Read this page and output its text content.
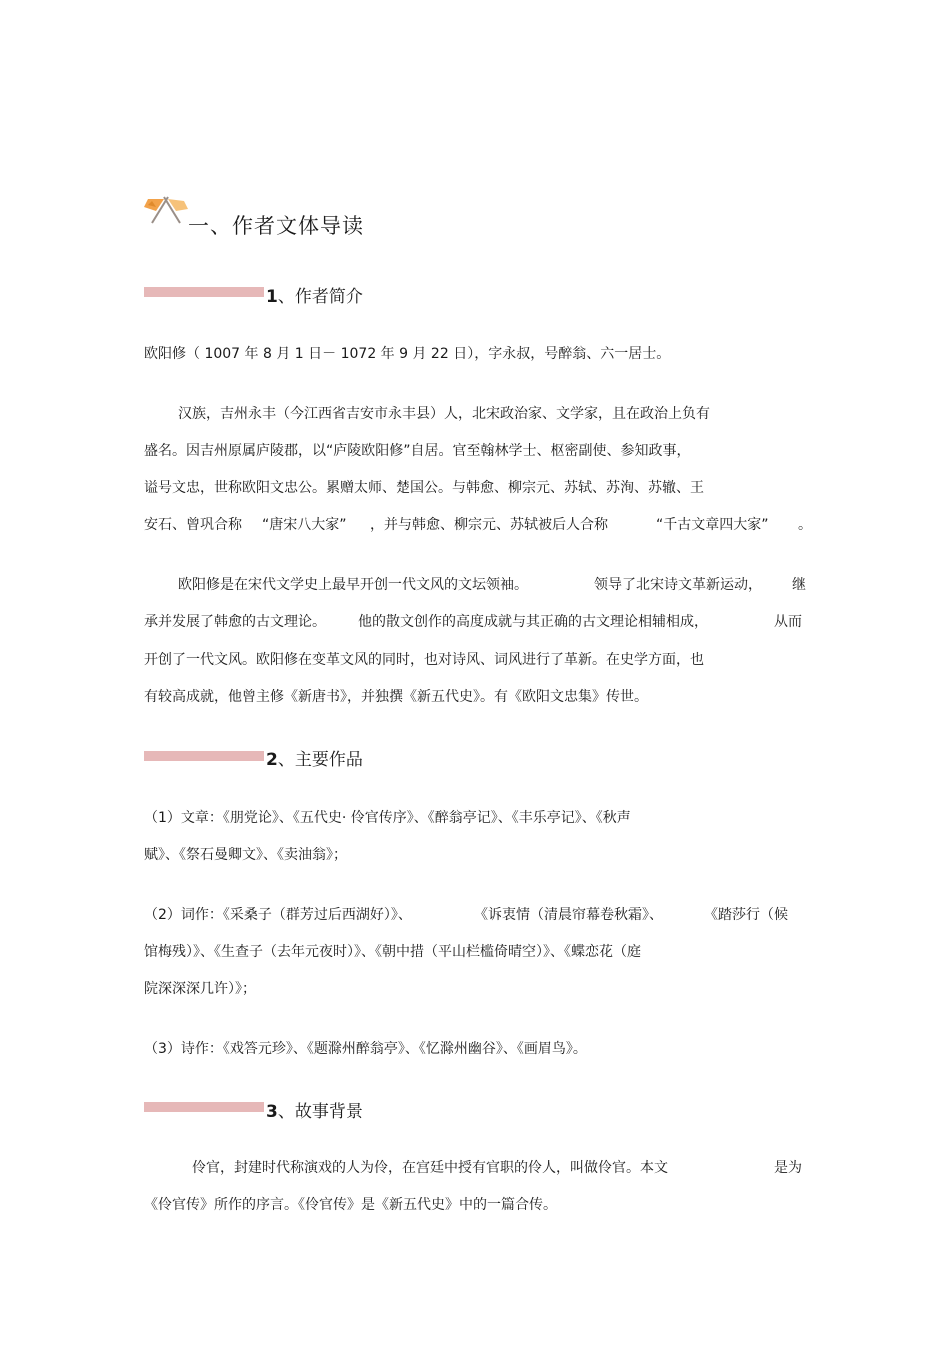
一、作者文体导读
1、作者简介
欧阳修（ 1007 年 8 月 1 日－ 1072 年 9 月 22 日），字永叔，号醉翁、六一居士。
汉族，吉州永丰（今江西省吉安市永丰县）人，北宋政治家、文学家，且在政治上负有
盛名。因吉州原属庐陵郡，以“庐陵欧阳修”自居。官至翰林学士、枢密副使、参知政事，
谥号文忠，世称欧阳文忠公。累赠太师、楚国公。与韩愈、柳宗元、苏轼、苏洵、苏辙、王
安石、曾巩合称 “唐宋八大家” ，并与韩愈、柳宗元、苏轼被后人合称	“千古文章四大家” 。
欧阳修是在宋代文学史上最早开创一代文风的文坛领袖。	领导了北宋诗文革新运动， 继
承并发展了韩愈的古文理论。 他的散文创作的高度成就与其正确的古文理论相辅相成，	从而
开创了一代文风。欧阳修在变革文风的同时，也对诗风、词风进行了革新。在史学方面，也
有较高成就，他曾主修《新唐书》，并独撰《新五代史》。有《欧阳文忠集》传世。
2、主要作品
（1）文章：《朋党论》、《五代史· 伶官传序》、《醉翁亭记》、《丰乐亭记》、《秋声
赋》、《祭石曼卿文》、《卖油翁》；
（2）词作：《采桑子（群芳过后西湖好）》、	《诉衷情（清晨帘幕卷秋霜》、	《踏莎行（候
馆梅残）》、《生查子（去年元夜时）》、《朝中措（平山栏槛倚晴空）》、《蝶恋花（庭
院深深深几许）》；
（3）诗作：《戏答元珍》、《题滁州醉翁亭》、《忆滁州幽谷》、《画眉鸟》。
3、故事背景
伶官，封建时代称演戏的人为伶，在宫廷中授有官职的伶人，叫做伶官。本文	是为
《伶官传》所作的序言。《伶官传》是《新五代史》中的一篇合传。
